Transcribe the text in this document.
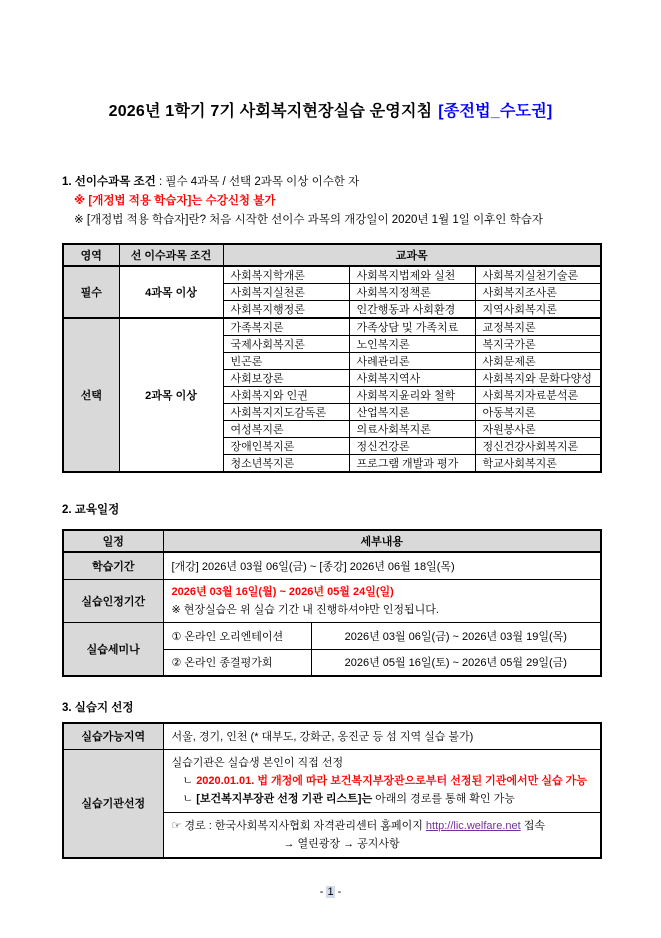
2026년 1학기 7기 사회복지현장실습 운영지침 [종전법_수도권]
1. 선이수과목 조건 : 필수 4과목 / 선택 2과목 이상 이수한 자
※ [개정법 적용 학습자]는 수강신청 불가
※ [개정법 적용 학습자]란? 처음 시작한 선이수 과목의 개강일이 2020년 1월 1일 이후인 학습자
영역	선 이수과목 조건	교과목		
필수	4과목 이상	사회복지학개론	사회복지법제와 실천	사회복지실천기술론
		사회복지실천론	사회복지정책론	사회복지조사론
		사회복지행정론	인간행동과 사회환경	지역사회복지론
선택	2과목 이상	가족복지론	가족상담 및 가족치료	교정복지론
		국제사회복지론	노인복지론	복지국가론
		빈곤론	사례관리론	사회문제론
		사회보장론	사회복지역사	사회복지와 문화다양성
		사회복지와 인권	사회복지윤리와 철학	사회복지자료분석론
		사회복지지도감독론	산업복지론	아동복지론
		여성복지론	의료사회복지론	자원봉사론
		장애인복지론	정신건강론	정신건강사회복지론
		청소년복지론	프로그램 개발과 평가	학교사회복지론
2. 교육일정
일정	세부내용	
학습기간	[개강] 2026년 03월 06일(금) ~ [종강] 2026년 06월 18일(목)	
실습인정기간	2026년 03월 16일(월) ~ 2026년 05월 24일(일)
※ 현장실습은 위 실습 기간 내 진행하셔야만 인정됩니다.	

실습세미나	① 온라인 오리엔테이션	2026년 03월 06일(금) ~ 2026년 03월 19일(목)
	② 온라인 종결평가회	2026년 05월 16일(토) ~ 2026년 05월 29일(금)
3. 실습지 선정
실습가능지역	서울, 경기, 인천 (* 대부도, 강화군, 옹진군 등 섬 지역 실습 불가)
실습기관선정	실습기관은 실습생 본인이 직접 선정
ㄴ 2020.01.01. 법 개정에 따라 보건복지부장관으로부터 선정된 기관에서만 실습 가능
ㄴ [보건복지부장관 선정 기관 리스트]는 아래의 경로를 통해 확인 가능

	☞ 경로 : 한국사회복지사협회 자격관리센터 홈페이지 http://lic.welfare.net 접속
→ 열린광장 → 공지사항
- 1 -
